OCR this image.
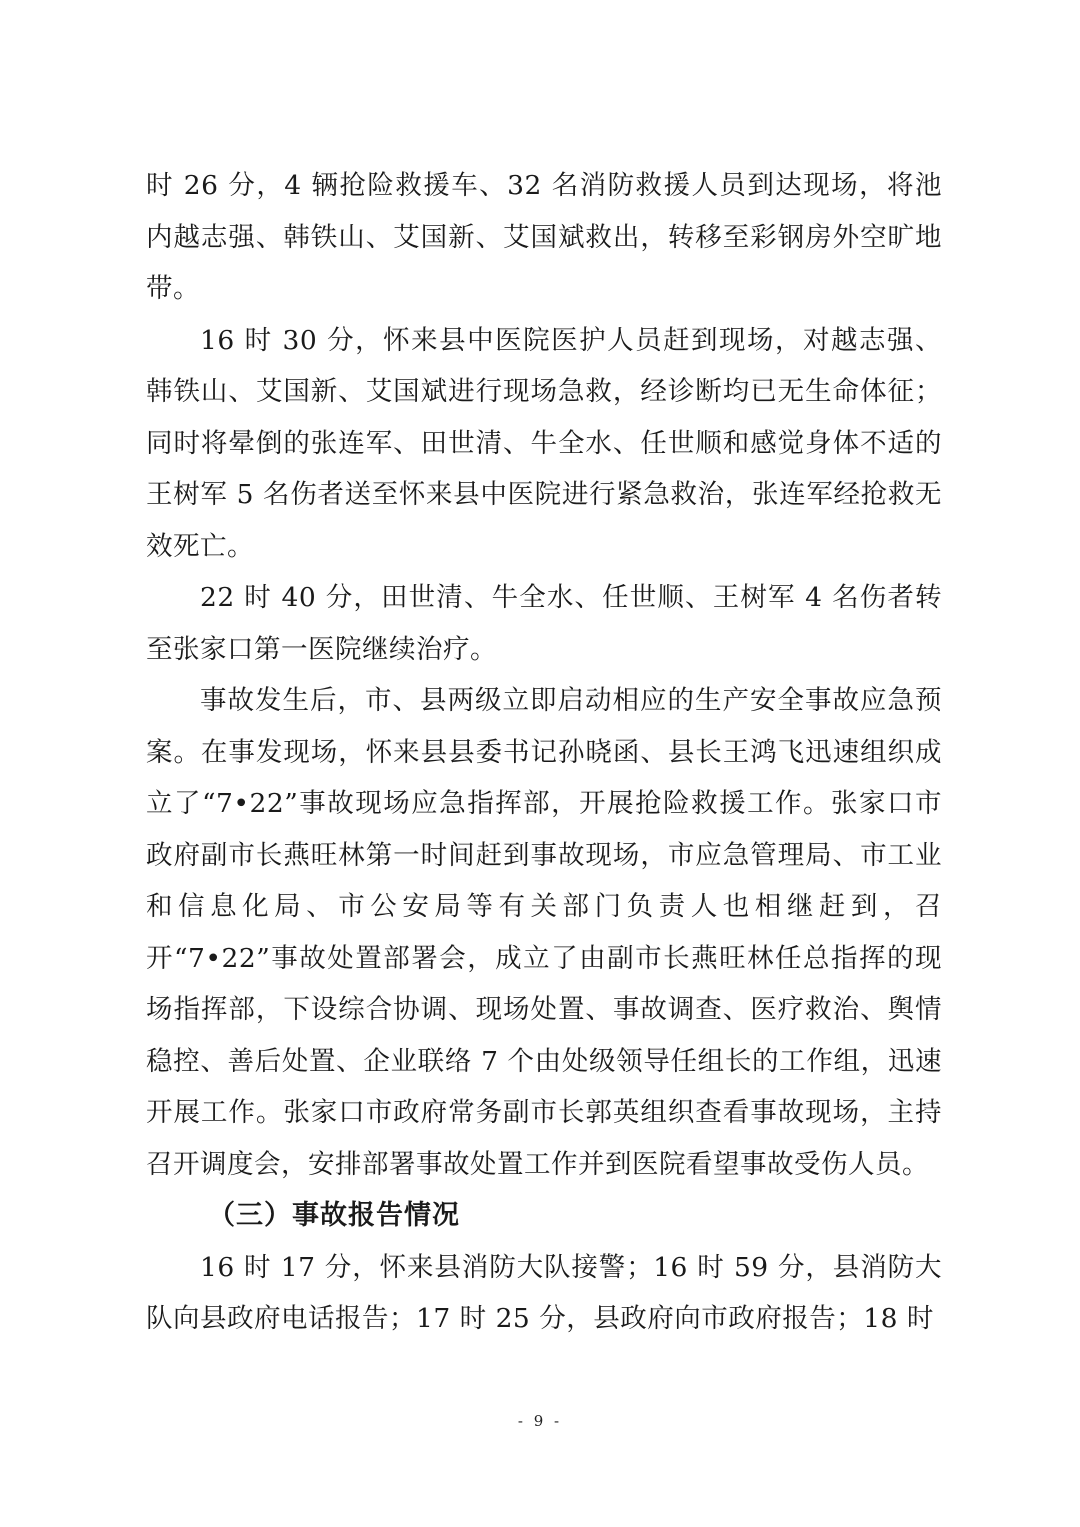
时 26 分，4 辆抢险救援车、32 名消防救援人员到达现场，将池内越志强、韩铁山、艾国新、艾国斌救出，转移至彩钢房外空旷地带。

16 时 30 分，怀来县中医院医护人员赶到现场，对越志强、韩铁山、艾国新、艾国斌进行现场急救，经诊断均已无生命体征；同时将晕倒的张连军、田世清、牛全水、任世顺和感觉身体不适的王树军 5 名伤者送至怀来县中医院进行紧急救治，张连军经抢救无效死亡。

22 时 40 分，田世清、牛全水、任世顺、王树军 4 名伤者转至张家口第一医院继续治疗。

事故发生后，市、县两级立即启动相应的生产安全事故应急预案。在事发现场，怀来县县委书记孙晓函、县长王鸿飞迅速组织成立了“7•22”事故现场应急指挥部，开展抢险救援工作。张家口市政府副市长燕旺林第一时间赶到事故现场，市应急管理局、市工业和信息化局、市公安局等有关部门负责人也相继赶到，召开“7•22”事故处置部署会，成立了由副市长燕旺林任总指挥的现场指挥部，下设综合协调、现场处置、事故调查、医疗救治、舆情稳控、善后处置、企业联络 7 个由处级领导任组长的工作组，迅速开展工作。张家口市政府常务副市长郭英组织查看事故现场，主持召开调度会，安排部署事故处置工作并到医院看望事故受伤人员。

（三）事故报告情况

16 时 17 分，怀来县消防大队接警；16 时 59 分，县消防大队向县政府电话报告；17 时 25 分，县政府向市政府报告；18 时

- 9 -
